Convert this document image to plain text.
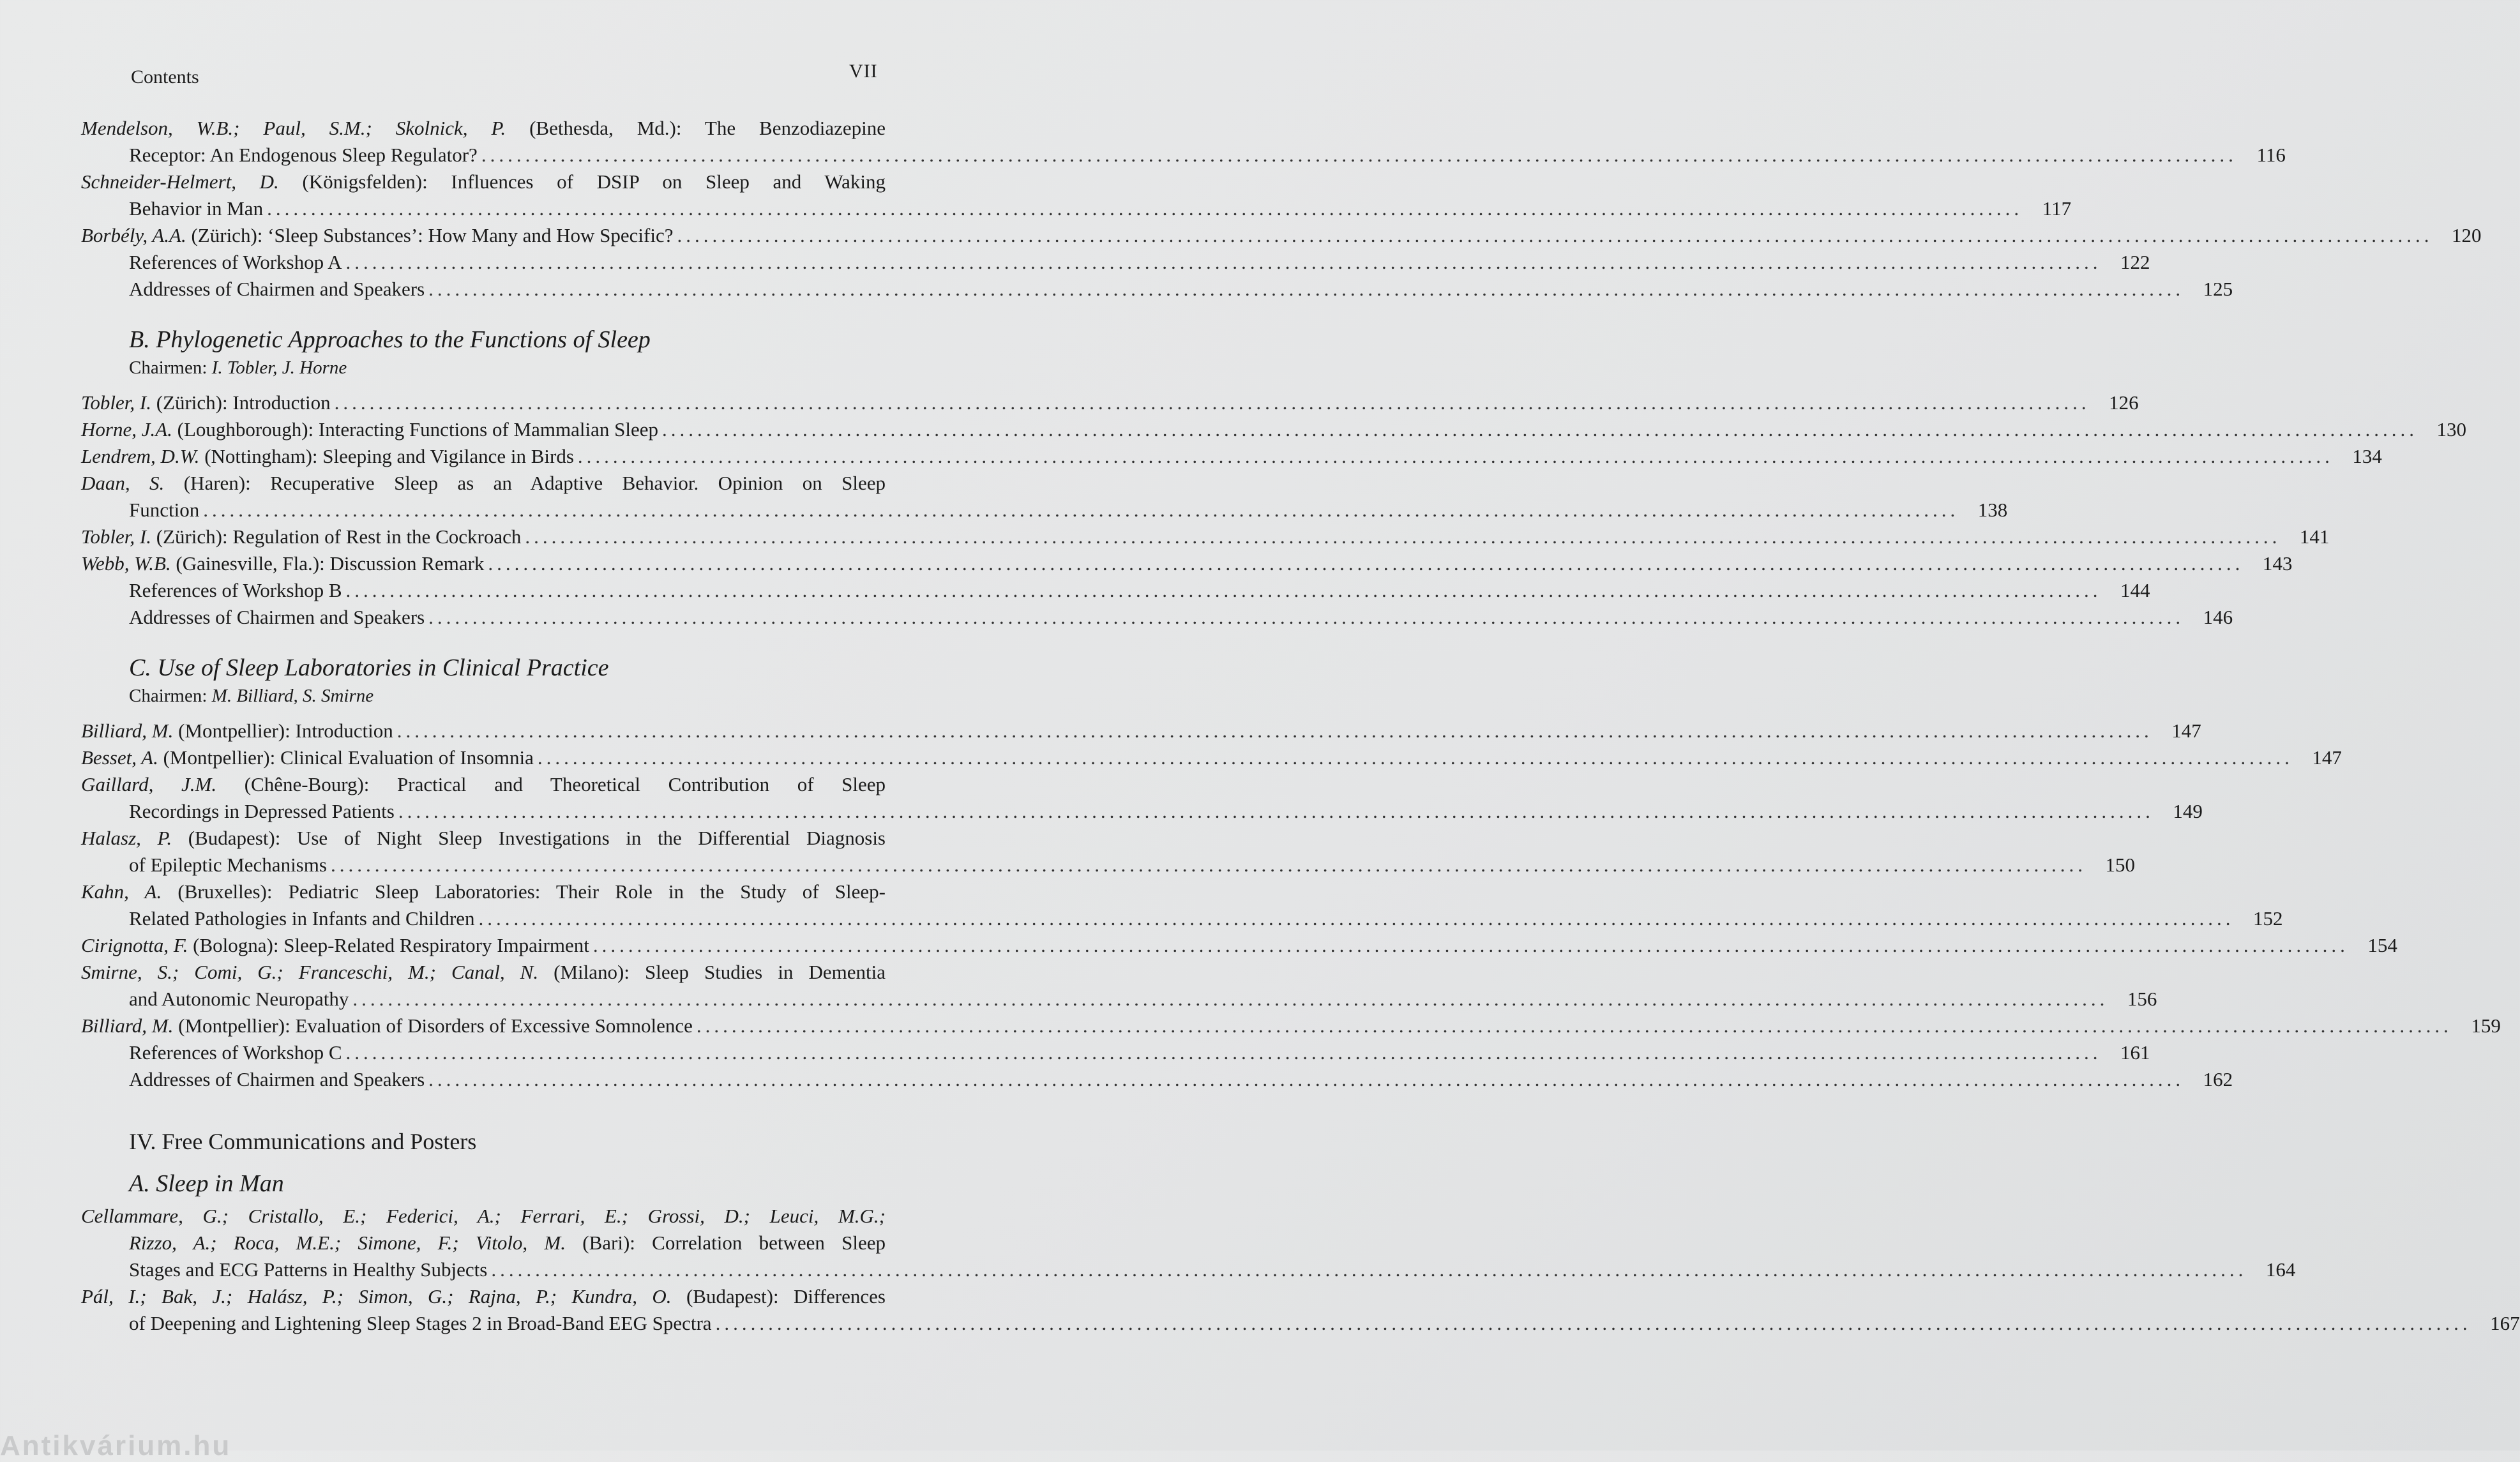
Contents	VII
Mendelson, W.B.; Paul, S.M.; Skolnick, P. (Bethesda, Md.): The Benzodiazepine
Receptor: An Endogenous Sleep Regulator? ........................................................................................................................................................................................................ 116
Schneider-Helmert, D. (Königsfelden): Influences of DSIP on Sleep and Waking
Behavior in Man ........................................................................................................................................................................................................ 117
Borbély, A.A. (Zürich): ‘Sleep Substances’: How Many and How Specific? ........................................................................................................................................................................................................ 120
References of Workshop A ........................................................................................................................................................................................................ 122
Addresses of Chairmen and Speakers ........................................................................................................................................................................................................ 125
B. Phylogenetic Approaches to the Functions of Sleep
Chairmen: I. Tobler, J. Horne
Tobler, I. (Zürich): Introduction ........................................................................................................................................................................................................ 126
Horne, J.A. (Loughborough): Interacting Functions of Mammalian Sleep ........................................................................................................................................................................................................ 130
Lendrem, D.W. (Nottingham): Sleeping and Vigilance in Birds ........................................................................................................................................................................................................ 134
Daan, S. (Haren): Recuperative Sleep as an Adaptive Behavior. Opinion on Sleep
Function ........................................................................................................................................................................................................ 138
Tobler, I. (Zürich): Regulation of Rest in the Cockroach ........................................................................................................................................................................................................ 141
Webb, W.B. (Gainesville, Fla.): Discussion Remark ........................................................................................................................................................................................................ 143
References of Workshop B ........................................................................................................................................................................................................ 144
Addresses of Chairmen and Speakers ........................................................................................................................................................................................................ 146
C. Use of Sleep Laboratories in Clinical Practice
Chairmen: M. Billiard, S. Smirne
Billiard, M. (Montpellier): Introduction ........................................................................................................................................................................................................ 147
Besset, A. (Montpellier): Clinical Evaluation of Insomnia ........................................................................................................................................................................................................ 147
Gaillard, J.M. (Chêne-Bourg): Practical and Theoretical Contribution of Sleep
Recordings in Depressed Patients ........................................................................................................................................................................................................ 149
Halasz, P. (Budapest): Use of Night Sleep Investigations in the Differential Diagnosis
of Epileptic Mechanisms ........................................................................................................................................................................................................ 150
Kahn, A. (Bruxelles): Pediatric Sleep Laboratories: Their Role in the Study of Sleep-
Related Pathologies in Infants and Children ........................................................................................................................................................................................................ 152
Cirignotta, F. (Bologna): Sleep-Related Respiratory Impairment ........................................................................................................................................................................................................ 154
Smirne, S.; Comi, G.; Franceschi, M.; Canal, N. (Milano): Sleep Studies in Dementia
and Autonomic Neuropathy ........................................................................................................................................................................................................ 156
Billiard, M. (Montpellier): Evaluation of Disorders of Excessive Somnolence ........................................................................................................................................................................................................ 159
References of Workshop C ........................................................................................................................................................................................................ 161
Addresses of Chairmen and Speakers ........................................................................................................................................................................................................ 162
IV. Free Communications and Posters
A. Sleep in Man
Cellammare, G.; Cristallo, E.; Federici, A.; Ferrari, E.; Grossi, D.; Leuci, M.G.;
Rizzo, A.; Roca, M.E.; Simone, F.; Vitolo, M. (Bari): Correlation between Sleep
Stages and ECG Patterns in Healthy Subjects ........................................................................................................................................................................................................ 164
Pál, I.; Bak, J.; Halász, P.; Simon, G.; Rajna, P.; Kundra, O. (Budapest): Differences
of Deepening and Lightening Sleep Stages 2 in Broad-Band EEG Spectra ........................................................................................................................................................................................................ 167
Antikvárium.hu
